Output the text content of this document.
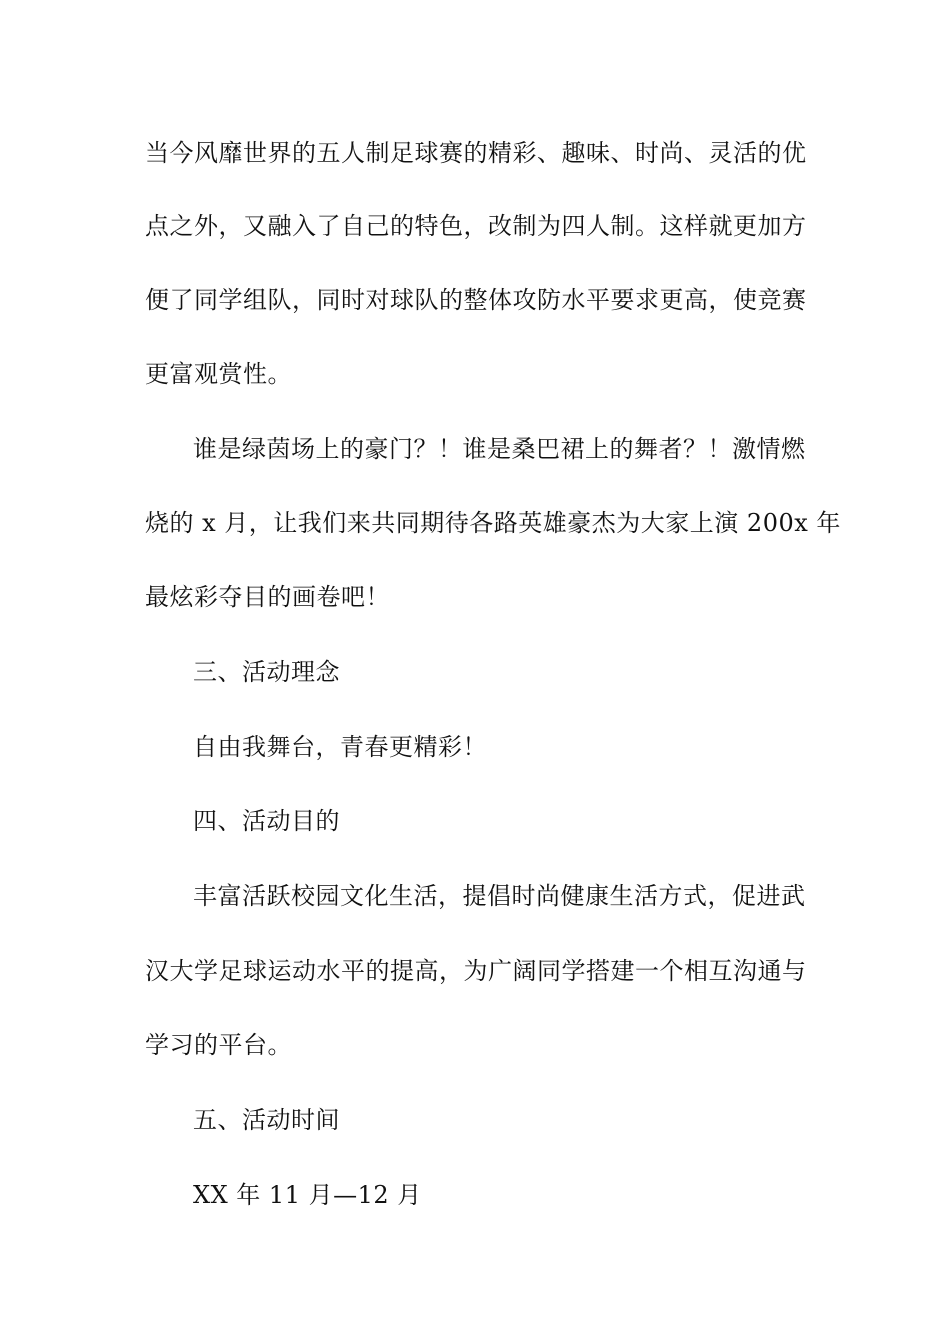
当今风靡世界的五人制足球赛的精彩、趣味、时尚、灵活的优
点之外，又融入了自己的特色，改制为四人制。这样就更加方
便了同学组队，同时对球队的整体攻防水平要求更高，使竞赛
更富观赏性。
谁是绿茵场上的豪门？！谁是桑巴裙上的舞者？！激情燃
烧的 x 月，让我们来共同期待各路英雄豪杰为大家上演 200x 年
最炫彩夺目的画卷吧！
三、活动理念
自由我舞台，青春更精彩！
四、活动目的
丰富活跃校园文化生活，提倡时尚健康生活方式，促进武
汉大学足球运动水平的提高，为广阔同学搭建一个相互沟通与
学习的平台。
五、活动时间
XX 年 11 月—12 月
